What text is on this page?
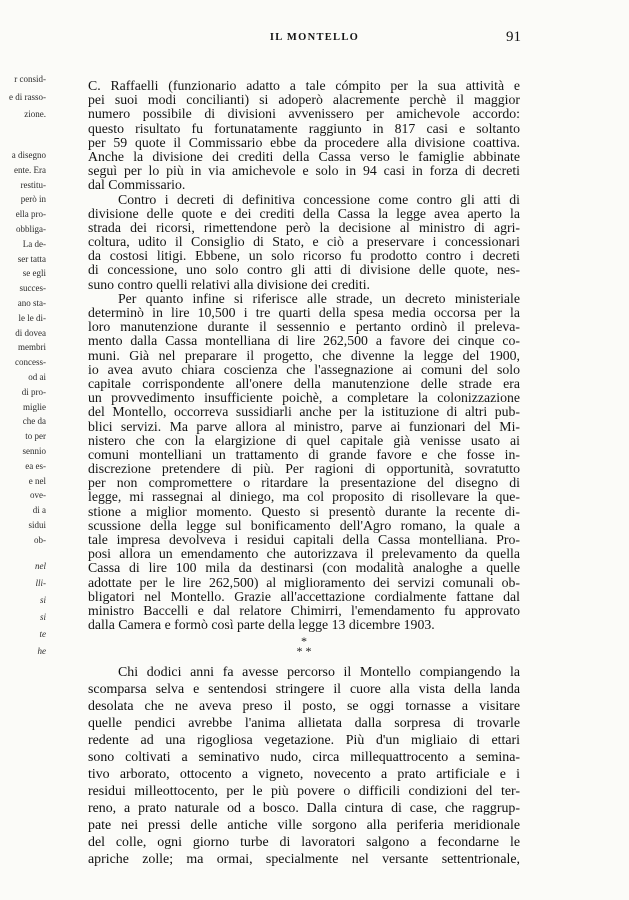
IL MONTELLO	91
r consid-
e di rasso-
zione.
a disegno
ente. Era
restitu-
però in
ella pro-
obbliga-
La de-
ser tatta
se egli
succes-
ano sta-
le le di-
di dovea
membri
concess-
od ai
di pro-
miglie
che da
to per
sennio
ea es-
e nel
ove-
di a
sidui
ob-
nel
lli-
si
si
te
he
C. Raffaelli (funzionario adatto a tale cómpito per la sua attività e
pei suoi modi concilianti) si adoperò alacremente perchè il maggior
numero possibile di divisioni avvenissero per amichevole accordo:
questo risultato fu fortunatamente raggiunto in 817 casi e soltanto
per 59 quote il Commissario ebbe da procedere alla divisione coattiva.
Anche la divisione dei crediti della Cassa verso le famiglie abbinate
seguì per lo più in via amichevole e solo in 94 casi in forza di decreti
dal Commissario.
Contro i decreti di definitiva concessione come contro gli atti di
divisione delle quote e dei crediti della Cassa la legge avea aperto la
strada dei ricorsi, rimettendone però la decisione al ministro di agri-
coltura, udito il Consiglio di Stato, e ciò a preservare i concessionari
da costosi litigi. Ebbene, un solo ricorso fu prodotto contro i decreti
di concessione, uno solo contro gli atti di divisione delle quote, nes-
suno contro quelli relativi alla divisione dei crediti.
Per quanto infine si riferisce alle strade, un decreto ministeriale
determinò in lire 10,500 i tre quarti della spesa media occorsa per la
loro manutenzione durante il sessennio e pertanto ordinò il preleva-
mento dalla Cassa montelliana di lire 262,500 a favore dei cinque co-
muni. Già nel preparare il progetto, che divenne la legge del 1900,
io avea avuto chiara coscienza che l'assegnazione ai comuni del solo
capitale corrispondente all'onere della manutenzione delle strade era
un provvedimento insufficiente poichè, a completare la colonizzazione
del Montello, occorreva sussidiarli anche per la istituzione di altri pub-
blici servizi. Ma parve allora al ministro, parve ai funzionari del Mi-
nistero che con la elargizione di quel capitale già venisse usato ai
comuni montelliani un trattamento di grande favore e che fosse in-
discrezione pretendere di più. Per ragioni di opportunità, sovratutto
per non compromettere o ritardare la presentazione del disegno di
legge, mi rassegnai al diniego, ma col proposito di risollevare la que-
stione a miglior momento. Questo si presentò durante la recente di-
scussione della legge sul bonificamento dell'Agro romano, la quale a
tale impresa devolveva i residui capitali della Cassa montelliana. Pro-
posi allora un emendamento che autorizzava il prelevamento da quella
Cassa di lire 100 mila da destinarsi (con modalità analoghe a quelle
adottate per le lire 262,500) al miglioramento dei servizi comunali ob-
bligatori nel Montello. Grazie all'accettazione cordialmente fattane dal
ministro Baccelli e dal relatore Chimirri, l'emendamento fu approvato
dalla Camera e formò così parte della legge 13 dicembre 1903.
*
* *
Chi dodici anni fa avesse percorso il Montello compiangendo la
scomparsa selva e sentendosi stringere il cuore alla vista della landa
desolata che ne aveva preso il posto, se oggi tornasse a visitare
quelle pendici avrebbe l'anima allietata dalla sorpresa di trovarle
redente ad una rigogliosa vegetazione. Più d'un migliaio di ettari
sono coltivati a seminativo nudo, circa millequattrocento a semina-
tivo arborato, ottocento a vigneto, novecento a prato artificiale e i
residui milleottocento, per le più povere o difficili condizioni del ter-
reno, a prato naturale od a bosco. Dalla cintura di case, che raggrup-
pate nei pressi delle antiche ville sorgono alla periferia meridionale
del colle, ogni giorno turbe di lavoratori salgono a fecondarne le
apriche zolle; ma ormai, specialmente nel versante settentrionale,
